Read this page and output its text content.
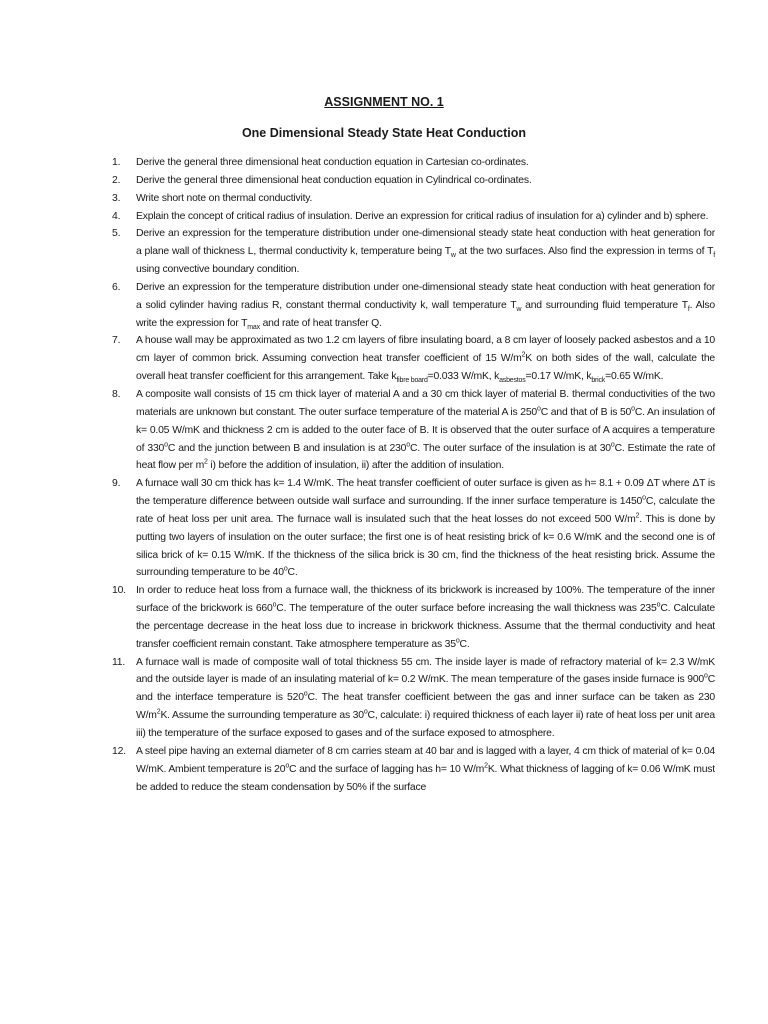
ASSIGNMENT NO. 1
One Dimensional Steady State Heat Conduction
1. Derive the general three dimensional heat conduction equation in Cartesian co-ordinates.
2. Derive the general three dimensional heat conduction equation in Cylindrical co-ordinates.
3. Write short note on thermal conductivity.
4. Explain the concept of critical radius of insulation. Derive an expression for critical radius of insulation for a) cylinder and b) sphere.
5. Derive an expression for the temperature distribution under one-dimensional steady state heat conduction with heat generation for a plane wall of thickness L, thermal conductivity k, temperature being $T_w$ at the two surfaces. Also find the expression in terms of $T_f$ using convective boundary condition.
6. Derive an expression for the temperature distribution under one-dimensional steady state heat conduction with heat generation for a solid cylinder having radius R, constant thermal conductivity k, wall temperature $T_w$ and surrounding fluid temperature $T_f$. Also write the expression for $T_{max}$ and rate of heat transfer Q.
7. A house wall may be approximated as two 1.2 cm layers of fibre insulating board, a 8 cm layer of loosely packed asbestos and a 10 cm layer of common brick. Assuming convection heat transfer coefficient of 15 $W/m^2K$ on both sides of the wall, calculate the overall heat transfer coefficient for this arrangement. Take $k_{fibre board}=0.033$ W/mK, $k_{asbestos}=0.17$ W/mK, $k_{brick}=0.65$ W/mK.
8. A composite wall consists of 15 cm thick layer of material A and a 30 cm thick layer of material B. thermal conductivities of the two materials are unknown but constant. The outer surface temperature of the material A is 250$^o$C and that of B is 50$^o$C. An insulation of k= 0.05 W/mK and thickness 2 cm is added to the outer face of B. It is observed that the outer surface of A acquires a temperature of 330$^o$C and the junction between B and insulation is at 230$^o$C. The outer surface of the insulation is at 30$^o$C. Estimate the rate of heat flow per $m^2$ i) before the addition of insulation, ii) after the addition of insulation.
9. A furnace wall 30 cm thick has k= 1.4 W/mK. The heat transfer coefficient of outer surface is given as h= 8.1 + 0.09 ΔT where ΔT is the temperature difference between outside wall surface and surrounding. If the inner surface temperature is 1450$^o$C, calculate the rate of heat loss per unit area. The furnace wall is insulated such that the heat losses do not exceed 500 $W/m^2$. This is done by putting two layers of insulation on the outer surface; the first one is of heat resisting brick of k= 0.6 W/mK and the second one is of silica brick of k= 0.15 W/mK. If the thickness of the silica brick is 30 cm, find the thickness of the heat resisting brick. Assume the surrounding temperature to be 40$^o$C.
10. In order to reduce heat loss from a furnace wall, the thickness of its brickwork is increased by 100%. The temperature of the inner surface of the brickwork is 660$^o$C. The temperature of the outer surface before increasing the wall thickness was 235$^o$C. Calculate the percentage decrease in the heat loss due to increase in brickwork thickness. Assume that the thermal conductivity and heat transfer coefficient remain constant. Take atmosphere temperature as 35$^o$C.
11. A furnace wall is made of composite wall of total thickness 55 cm. The inside layer is made of refractory material of k= 2.3 W/mK and the outside layer is made of an insulating material of k= 0.2 W/mK. The mean temperature of the gases inside furnace is 900$^o$C and the interface temperature is 520$^o$C. The heat transfer coefficient between the gas and inner surface can be taken as 230 $W/m^2K$. Assume the surrounding temperature as 30$^o$C, calculate: i) required thickness of each layer ii) rate of heat loss per unit area iii) the temperature of the surface exposed to gases and of the surface exposed to atmosphere.
12. A steel pipe having an external diameter of 8 cm carries steam at 40 bar and is lagged with a layer, 4 cm thick of material of k= 0.04 W/mK. Ambient temperature is 20$^o$C and the surface of lagging has h= 10 $W/m^2K$. What thickness of lagging of k= 0.06 W/mK must be added to reduce the steam condensation by 50% if the surface
